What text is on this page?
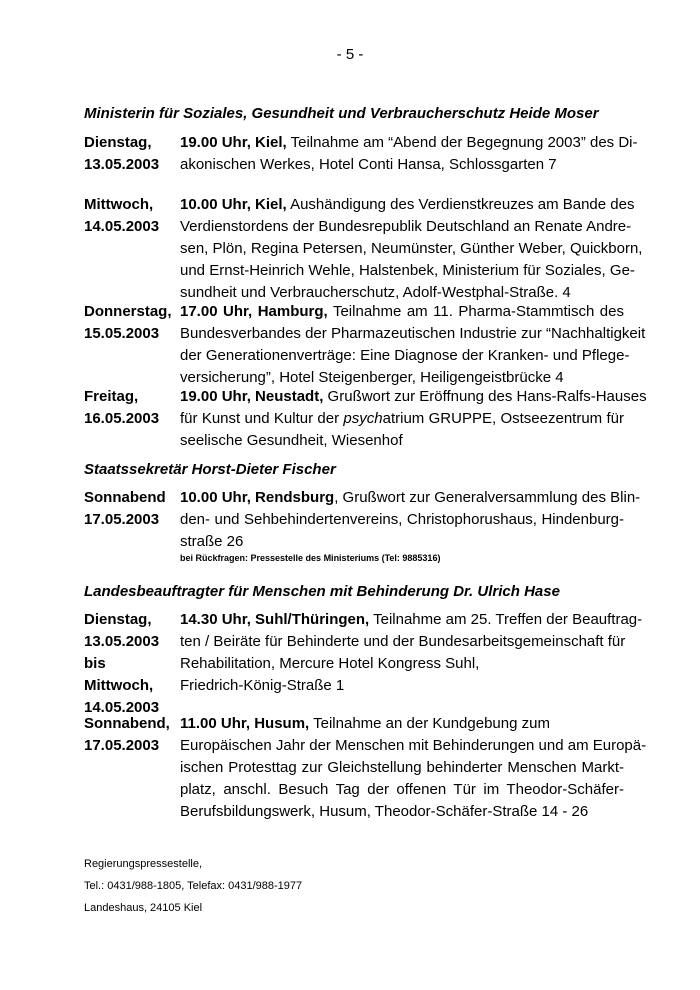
- 5 -
Ministerin für Soziales, Gesundheit und Verbraucherschutz Heide Moser
Dienstag,
13.05.2003
19.00 Uhr, Kiel, Teilnahme am “Abend der Begegnung 2003” des Di-
akonischen Werkes, Hotel Conti Hansa, Schlossgarten 7
Mittwoch,
14.05.2003
10.00 Uhr, Kiel, Aushändigung des Verdienstkreuzes am Bande des
Verdienstordens der Bundesrepublik Deutschland an Renate Andre-
sen, Plön, Regina Petersen, Neumünster, Günther Weber, Quickborn,
und Ernst-Heinrich Wehle, Halstenbek, Ministerium für Soziales, Ge-
sundheit und Verbraucherschutz, Adolf-Westphal-Straße. 4
Donnerstag,
15.05.2003
17.00 Uhr, Hamburg, Teilnahme am 11. Pharma-Stammtisch des
Bundesverbandes der Pharmazeutischen Industrie zur “Nachhaltigkeit
der Generationenverträge: Eine Diagnose der Kranken- und Pflege-
versicherung”, Hotel Steigenberger, Heiligengeistbrücke 4
Freitag,
16.05.2003
19.00 Uhr, Neustadt, Grußwort zur Eröffnung des Hans-Ralfs-Hauses
für Kunst und Kultur der psychatrium GRUPPE, Ostseezentrum für
seelische Gesundheit, Wiesenhof
Staatssekretär Horst-Dieter Fischer
Sonnabend
17.05.2003
10.00 Uhr, Rendsburg, Grußwort zur Generalversammlung des Blin-
den- und Sehbehindertenvereins, Christophorushaus, Hindenburg-
straße 26
bei Rückfragen: Pressestelle des Ministeriums (Tel: 9885316)
Landesbeauftragter für Menschen mit Behinderung Dr. Ulrich Hase
Dienstag,
13.05.2003
bis
Mittwoch,
14.05.2003
14.30 Uhr, Suhl/Thüringen, Teilnahme am 25. Treffen der Beauftrag-
ten / Beiräte für Behinderte und der Bundesarbeitsgemeinschaft für
Rehabilitation, Mercure Hotel Kongress Suhl,
Friedrich-König-Straße 1
Sonnabend,
17.05.2003
11.00 Uhr, Husum, Teilnahme an der Kundgebung zum
Europäischen Jahr der Menschen mit Behinderungen und am Europä-
ischen Protesttag zur Gleichstellung behinderter Menschen Markt-
platz, anschl. Besuch Tag der offenen Tür im Theodor-Schäfer-
Berufsbildungswerk, Husum, Theodor-Schäfer-Straße 14 - 26
Regierungspressestelle,
Tel.: 0431/988-1805, Telefax: 0431/988-1977
Landeshaus, 24105 Kiel
